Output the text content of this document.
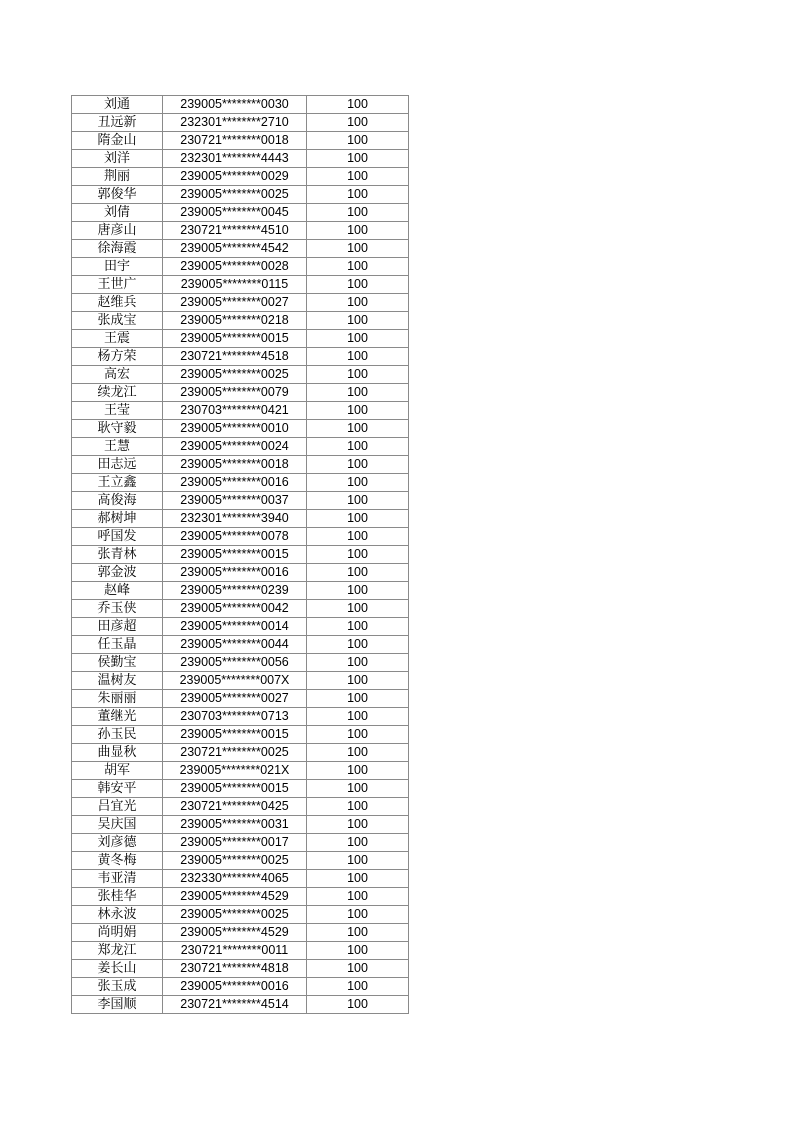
刘通	239005********0030	100
丑远新	232301********2710	100
隋金山	230721********0018	100
刘洋	232301********4443	100
荆丽	239005********0029	100
郭俊华	239005********0025	100
刘倩	239005********0045	100
唐彦山	230721********4510	100
徐海霞	239005********4542	100
田宇	239005********0028	100
王世广	239005********0115	100
赵维兵	239005********0027	100
张成宝	239005********0218	100
王震	239005********0015	100
杨方荣	230721********4518	100
高宏	239005********0025	100
续龙江	239005********0079	100
王莹	230703********0421	100
耿守毅	239005********0010	100
王慧	239005********0024	100
田志远	239005********0018	100
王立鑫	239005********0016	100
高俊海	239005********0037	100
郝树坤	232301********3940	100
呼国发	239005********0078	100
张青林	239005********0015	100
郭金波	239005********0016	100
赵峰	239005********0239	100
乔玉侠	239005********0042	100
田彦超	239005********0014	100
任玉晶	239005********0044	100
侯勤宝	239005********0056	100
温树友	239005********007X	100
朱丽丽	239005********0027	100
董继光	230703********0713	100
孙玉民	239005********0015	100
曲显秋	230721********0025	100
胡军	239005********021X	100
韩安平	239005********0015	100
吕宜光	230721********0425	100
吴庆国	239005********0031	100
刘彦德	239005********0017	100
黄冬梅	239005********0025	100
韦亚清	232330********4065	100
张桂华	239005********4529	100
林永波	239005********0025	100
尚明娟	239005********4529	100
郑龙江	230721********0011	100
姜长山	230721********4818	100
张玉成	239005********0016	100
李国顺	230721********4514	100
